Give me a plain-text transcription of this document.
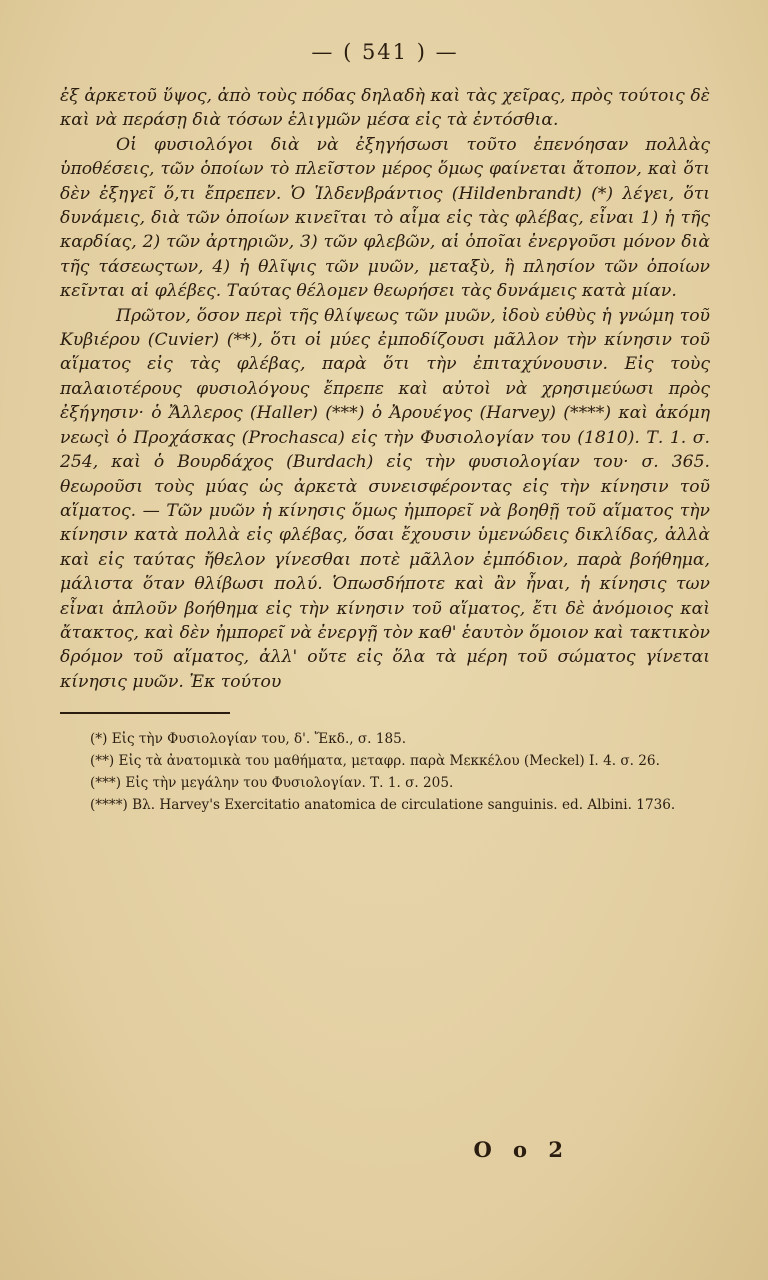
— ( 541 ) —

ἐξ ἀρκετοῦ ὕψος, ἀπὸ τοὺς πόδας δηλαδὴ καὶ τὰς χεῖρας, πρὸς τούτοις δὲ καὶ νὰ περάσῃ διὰ τόσων ἑλιγμῶν μέσα εἰς τὰ ἐντόσθια.

Οἱ φυσιολόγοι διὰ νὰ ἐξηγήσωσι τοῦτο ἐπενόησαν πολλὰς ὑποθέσεις, τῶν ὁποίων τὸ πλεῖστον μέρος ὅμως φαίνεται ἄτοπον, καὶ ὅτι δὲν ἐξηγεῖ ὅ,τι ἔπρεπεν. Ὁ Ἱλδενβράντιος (Hildenbrandt) (*) λέγει, ὅτι δυνάμεις, διὰ τῶν ὁποίων κινεῖται τὸ αἷμα εἰς τὰς φλέβας, εἶναι 1) ἡ τῆς καρδίας, 2) τῶν ἀρτηριῶν, 3) τῶν φλεβῶν, αἱ ὁποῖαι ἐνεργοῦσι μόνον διὰ τῆς τάσεωςτων, 4) ἡ θλῖψις τῶν μυῶν, μεταξὺ, ἢ πλησίον τῶν ὁποίων κεῖνται αἱ φλέβες. Ταύτας θέλομεν θεωρήσει τὰς δυνάμεις κατὰ μίαν.

Πρῶτον, ὅσον περὶ τῆς θλίψεως τῶν μυῶν, ἰδοὺ εὐθὺς ἡ γνώμη τοῦ Κυβιέρου (Cuvier) (**), ὅτι οἱ μύες ἐμποδίζουσι μᾶλλον τὴν κίνησιν τοῦ αἵματος εἰς τὰς φλέβας, παρὰ ὅτι τὴν ἐπιταχύνουσιν. Εἰς τοὺς παλαιοτέρους φυσιολόγους ἔπρεπε καὶ αὐτοὶ νὰ χρησιμεύωσι πρὸς ἐξήγησιν· ὁ Ἄλλερος (Haller) (***) ὁ Ἀρουέγος (Harvey) (****) καὶ ἀκόμη νεωςὶ ὁ Προχάσκας (Prochasca) εἰς τὴν Φυσιολογίαν του (1810). Τ. 1. σ. 254, καὶ ὁ Βουρδάχος (Burdach) εἰς τὴν φυσιολογίαν του· σ. 365. θεωροῦσι τοὺς μύας ὡς ἀρκετὰ συνεισφέροντας εἰς τὴν κίνησιν τοῦ αἵματος. — Τῶν μυῶν ἡ κίνησις ὅμως ἠμπορεῖ νὰ βοηθῇ τοῦ αἵματος τὴν κίνησιν κατὰ πολλὰ εἰς φλέβας, ὅσαι ἔχουσιν ὑμενώδεις δικλίδας, ἀλλὰ καὶ εἰς ταύτας ἤθελον γίνεσθαι ποτὲ μᾶλλον ἐμπόδιον, παρὰ βοήθημα, μάλιστα ὅταν θλίβωσι πολύ. Ὁπωσδήποτε καὶ ἂν ἦναι, ἡ κίνησις των εἶναι ἁπλοῦν βοήθημα εἰς τὴν κίνησιν τοῦ αἵματος, ἔτι δὲ ἀνόμοιος καὶ ἄτακτος, καὶ δὲν ἠμπορεῖ νὰ ἐνεργῇ τὸν καθ' ἑαυτὸν ὅμοιον καὶ τακτικὸν δρόμον τοῦ αἵματος, ἀλλ' οὔτε εἰς ὅλα τὰ μέρη τοῦ σώματος γίνεται κίνησις μυῶν. Ἐκ τούτου

(*) Εἰς τὴν Φυσιολογίαν του, δ'. Ἔκδ., σ. 185.

(**) Εἰς τὰ ἀνατομικὰ του μαθήματα, μεταφρ. παρὰ Μεκκέλου (Meckel) Ι. 4. σ. 26.

(***) Εἰς τὴν μεγάλην του Φυσιολογίαν. Τ. 1. σ. 205.

(****) Βλ. Harvey's Exercitatio anatomica de circulatione sanguinis. ed. Albini. 1736.

Ο ο 2
